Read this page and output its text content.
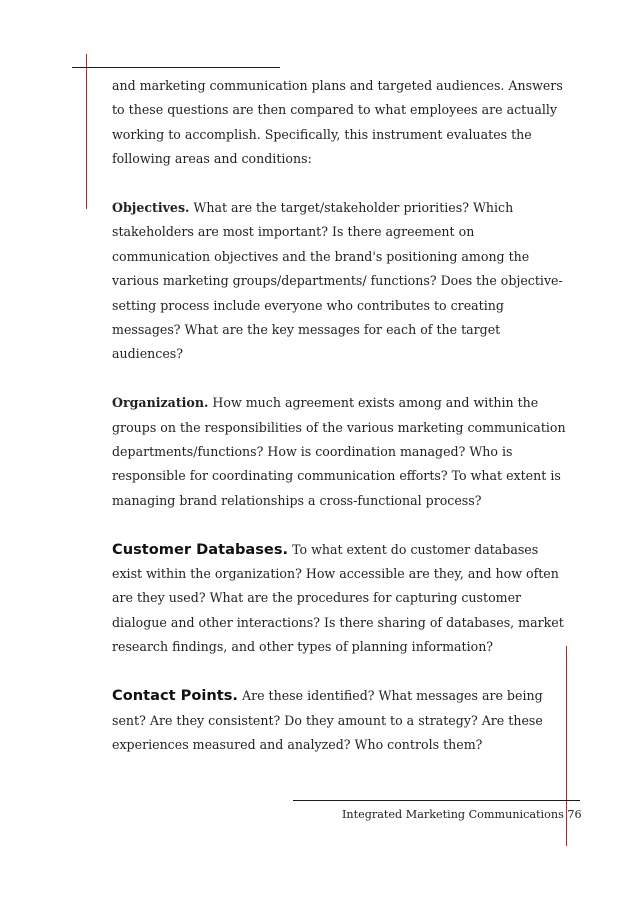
and marketing communication plans and targeted audiences. Answers to these questions are then compared to what employees are actually working to accomplish. Specifically, this instrument evaluates the following areas and conditions:

Objectives. What are the target/stakeholder priorities? Which stakeholders are most important? Is there agreement on communication objectives and the brand's positioning among the various marketing groups/departments/ functions? Does the objective-setting process include everyone who contributes to creating messages? What are the key messages for each of the target audiences?

Organization. How much agreement exists among and within the groups on the responsibilities of the various marketing communication departments/functions? How is coordination managed? Who is responsible for coordinating communication efforts? To what extent is managing brand relationships a cross-functional process?

Customer Databases. To what extent do customer databases exist within the organization? How accessible are they, and how often are they used? What are the procedures for capturing customer dialogue and other interactions? Is there sharing of databases, market research findings, and other types of planning information?

Contact Points. Are these identified? What messages are being sent? Are they consistent? Do they amount to a strategy? Are these experiences measured and analyzed? Who controls them?

Integrated Marketing Communications 76
